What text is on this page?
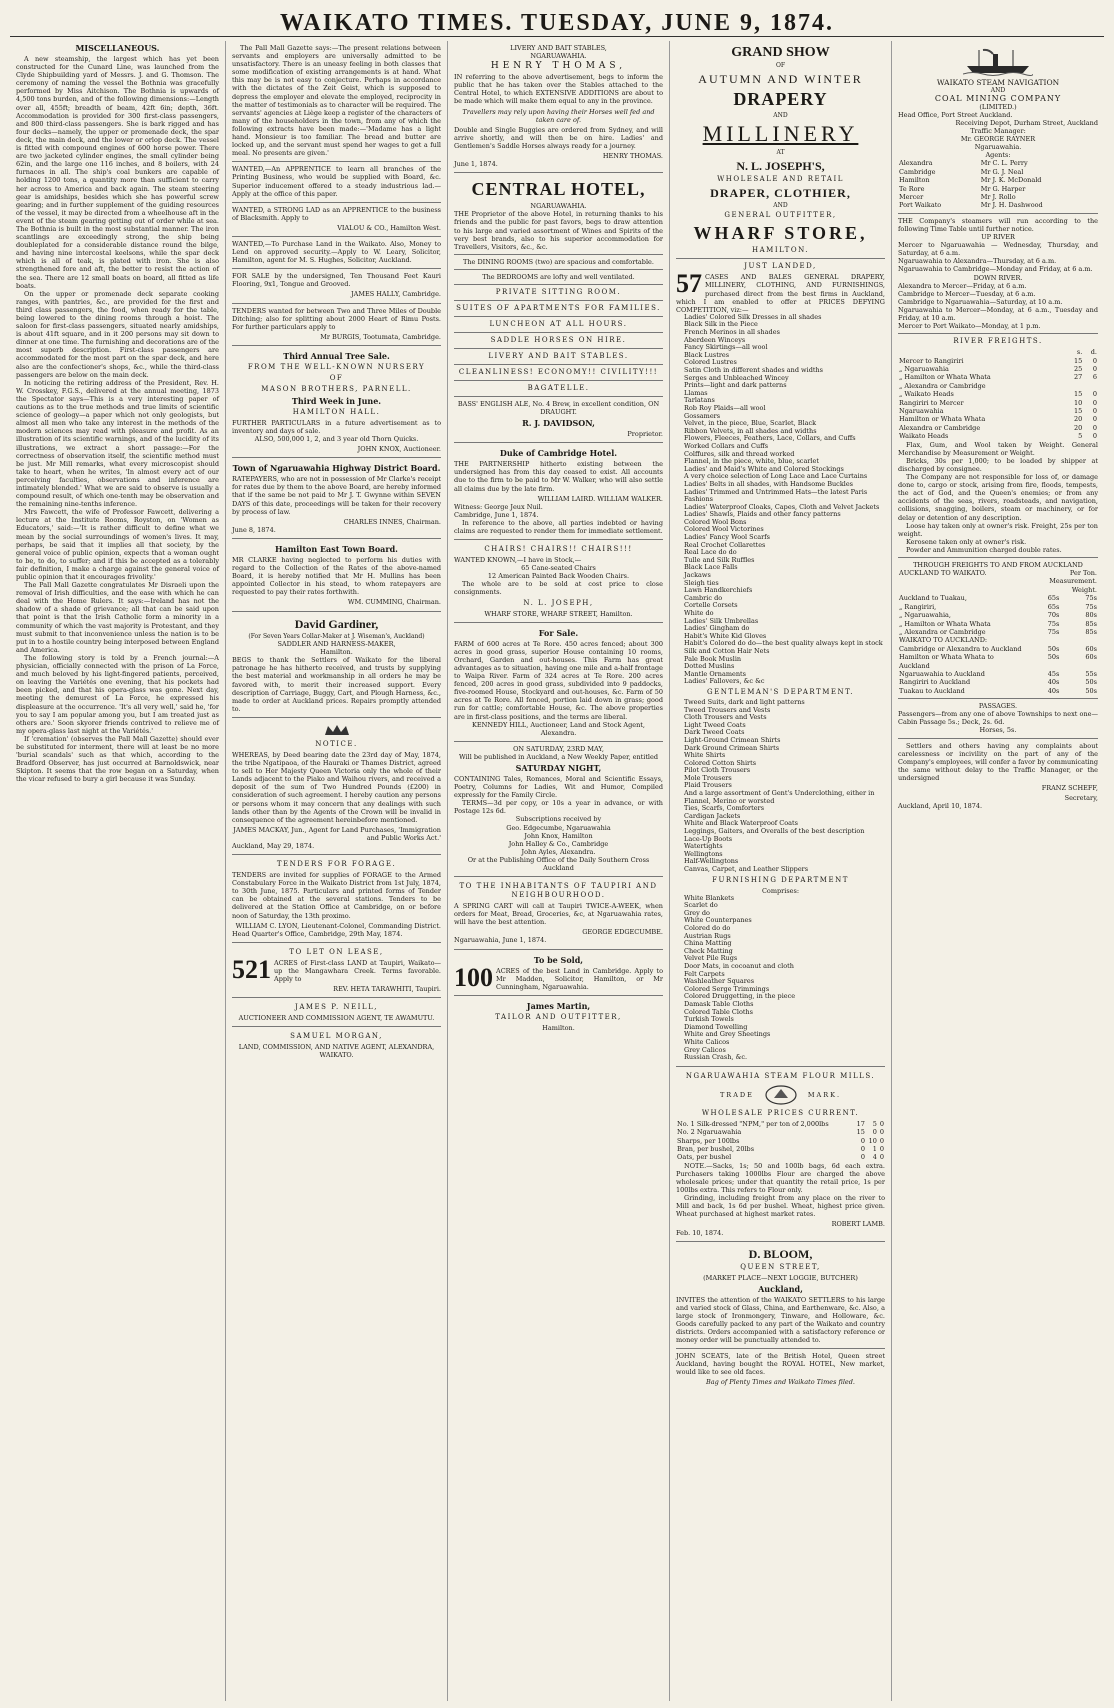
WAIKATO TIMES. TUESDAY, JUNE 9, 1874.
MISCELLANEOUS.

A new steamship, the largest which has yet been constructed for the Cunard Line, was launched from the Clyde Shipbuilding yard of Messrs. J. and G. Thomson. The ceremony of naming the vessel the Bothnia was gracefully performed by Miss Aitchison. The Bothnia is upwards of 4,500 tons burden, and of the following dimensions:—Length over all, 455ft; breadth of beam, 42ft 6in; depth, 36ft. Accommodation is provided for 300 first-class passengers, and 800 third-class passengers. She is bark rigged and has four decks—namely, the upper or promenade deck, the spar deck, the main deck, and the lower or orlop deck. The vessel is fitted with compound engines of 600 horse power. There are two jacketed cylinder engines, the small cylinder being 62in, and the large one 116 inches, and 8 boilers, with 24 furnaces in all. The ship's coal bunkers are capable of holding 1200 tons, a quantity more than sufficient to carry her across to America and back again. The steam steering gear is amidships, besides which she has powerful screw gearing; and in further supplement of the guiding resources of the vessel, it may be directed from a wheelhouse aft in the event of the steam gearing getting out of order while at sea. The Bothnia is built in the most substantial manner. The iron scantlings are exceedingly strong, the ship being doubleplated for a considerable distance round the bilge, and having nine intercostal keelsons, while the spar deck which is all of teak, is plated with iron. She is also strengthened fore and aft, the better to resist the action of the sea. There are 12 small boats on board, all fitted as life boats.

On the upper or promenade deck separate cooking ranges, with pantries, &c., are provided for the first and third class passengers, the food, when ready for the table, being lowered to the dining rooms through a hoist. The saloon for first-class passengers, situated nearly amidships, is about 41ft square, and in it 200 persons may sit down to dinner at one time. The furnishing and decorations are of the most superb description. First-class passengers are accommodated for the most part on the spar deck, and here also are the confectioner's shops, &c., while the third-class passengers are below on the main deck.

In noticing the retiring address of the President, Rev. H. W. Crosskey, F.G.S., delivered at the annual meeting, 1873 the Spectator says—This is a very interesting paper of cautions as to the true methods and true limits of scientific science of geology—a paper which not only geologists, but almost all men who take any interest in the methods of the modern sciences may read with pleasure and profit. As an illustration of its scientific warnings, and of the lucidity of its illustrations, we extract a short passage:—For the correctness of observation itself, the scientific method must be just. Mr Mill remarks, what every microscopist should take to heart, when he writes, 'In almost every act of our perceiving faculties, observations and inference are intimately blended.' What we are said to observe is usually a compound result, of which one-tenth may be observation and the remaining nine-tenths inference.

Mrs Fawcett, the wife of Professor Fawcett, delivering a lecture at the Institute Rooms, Royston, on 'Women as Educators,' said:—'It is rather difficult to define what we mean by the social surroundings of women's lives. It may, perhaps, be said that it implies all that society, by the general voice of public opinion, expects that a woman ought to be, to do, to suffer; and if this be accepted as a tolerably fair definition, I make a charge against the general voice of public opinion that it encourages frivolity.'

The Pall Mall Gazette congratulates Mr Disraeli upon the removal of Irish difficulties, and the ease with which he can deal with the Home Rulers. It says:—Ireland has not the shadow of a shade of grievance; all that can be said upon that point is that the Irish Catholic form a minority in a community of which the vast majority is Protestant, and they must submit to that inconvenience unless the nation is to be put in to a hostile country being interposed between England and America.

The following story is told by a French journal:—A physician, officially connected with the prison of La Force, and much beloved by his light-fingered patients, perceived, on leaving the Variétés one evening, that his pockets had been picked, and that his opera-glass was gone. Next day, meeting the demurest of La Force, he expressed his displeasure at the occurrence. 'It's all very well,' said he, 'for you to say I am popular among you, but I am treated just as others are.' Soon skyorer friends contrived to relieve me of my opera-glass last night at the Variétés.'

If 'cremation' (observes the Pall Mall Gazette) should ever be substituted for interment, there will at least be no more 'burial scandals' such as that which, according to the Bradford Observer, has just occurred at Barnoldswick, near Skipton. It seems that the row began on a Saturday, when the vicar refused to bury a girl because it was Sunday.

The Pall Mall Gazette says:—The present relations between servants and employers are universally admitted to be unsatisfactory. There is an uneasy feeling in both classes that some modification of existing arrangements is at hand. What this may be is not easy to conjecture. Perhaps in accordance with the dictates of the Zeit Geist, which is supposed to depress the employer and elevate the employed, reciprocity in the matter of testimonials as to character will be required. The servants' agencies at Liège keep a register of the characters of many of the householders in the town, from any of which the following extracts have been made:—'Madame has a light hand. Monsieur is too familiar. The bread and butter are locked up, and the servant must spend her wages to get a full meal. No presents are given.'

WANTED,—An APPRENTICE to learn all branches of the Printing Business, who would be supplied with Board, &c. Superior inducement offered to a steady industrious lad.—Apply at the office of this paper.

WANTED, a STRONG LAD as an APPRENTICE to the business of Blacksmith. Apply to

VIALOU & CO., Hamilton West.

WANTED,—To Purchase Land in the Waikato. Also, Money to Lend on approved security.—Apply to W. Leary, Solicitor, Hamilton, agent for M. S. Hughes, Solicitor, Auckland.

FOR SALE by the undersigned, Ten Thousand Feet Kauri Flooring, 9x1, Tongue and Grooved.

JAMES HALLY, Cambridge.

TENDERS wanted for between Two and Three Miles of Double Ditching; also for splitting about 2000 Heart of Rimu Posts. For further particulars apply to

Mr BURGIS, Tootumata, Cambridge.
Third Annual Tree Sale.
FROM THE WELL-KNOWN NURSERY
OF
MASON BROTHERS, PARNELL.
Third Week in June.
HAMILTON HALL.

FURTHER PARTICULARS in a future advertisement as to inventory and days of sale.

ALSO, 500,000 1, 2, and 3 year old Thorn Quicks.
JOHN KNOX, Auctioneer.
Town of Ngaruawahia Highway District Board.

RATEPAYERS, who are not in possession of Mr Clarke's receipt for rates due by them to the above Board, are hereby informed that if the same be not paid to Mr J. T. Gwynne within SEVEN DAYS of this date, proceedings will be taken for their recovery by process of law.

CHARLES INNES, Chairman.
June 8, 1874.
Hamilton East Town Board.

MR CLARKE having neglected to perform his duties with regard to the Collection of the Rates of the above-named Board, it is hereby notified that Mr H. Mullins has been appointed Collector in his stead, to whom ratepayers are requested to pay their rates forthwith.

WM. CUMMING, Chairman.
David Gardiner,
(For Seven Years Collar-Maker at J. Wiseman's, Auckland)
SADDLER AND HARNESS-MAKER,
Hamilton.

BEGS to thank the Settlers of Waikato for the liberal patronage he has hitherto received, and trusts by supplying the best material and workmanship in all orders he may be favored with, to merit their increased support. Every description of Carriage, Buggy, Cart, and Plough Harness, &c., made to order at Auckland prices. Repairs promptly attended to.

NOTICE.

WHEREAS, by Deed bearing date the 23rd day of May, 1874, the tribe Ngatipaoa, of the Hauraki or Thames District, agreed to sell to Her Majesty Queen Victoria only the whole of their Lands adjacent to the Piako and Waihou rivers, and received a deposit of the sum of Two Hundred Pounds (£200) in consideration of such agreement. I hereby caution any persons or persons whom it may concern that any dealings with such lands other than by the Agents of the Crown will be invalid in consequence of the agreement hereinbefore mentioned.

JAMES MACKAY, Jun., Agent for Land Purchases, 'Immigration and Public Works Act.'
Auckland, May 29, 1874.
TENDERS FOR FORAGE.

TENDERS are invited for supplies of FORAGE to the Armed Constabulary Force in the Waikato District from 1st July, 1874, to 30th June, 1875. Particulars and printed forms of Tender can be obtained at the several stations. Tenders to be delivered at the Station Office at Cambridge, on or before noon of Saturday, the 13th proximo.

WILLIAM C. LYON, Lieutenant-Colonel, Commanding District.
Head Quarter's Office, Cambridge, 29th May, 1874.
TO LET ON LEASE,
521 ACRES of First-class LAND at Taupiri, Waikato—up the Mangawhara Creek. Terms favorable. Apply to

REV. HETA TARAWHITI, Taupiri.
JAMES P. NEILL,
AUCTIONEER AND COMMISSION AGENT, TE AWAMUTU.
SAMUEL MORGAN,
LAND, COMMISSION, AND NATIVE AGENT, ALEXANDRA, WAIKATO.
LIVERY AND BAIT STABLES,
NGARUAWAHIA.
HENRY THOMAS,

IN referring to the above advertisement, begs to inform the public that he has taken over the Stables attached to the Central Hotel, to which EXTENSIVE ADDITIONS are about to be made which will make them equal to any in the province.

Travellers may rely upon having their Horses well fed and taken care of.

Double and Single Buggies are ordered from Sydney, and will arrive shortly, and will then be on hire. Ladies' and Gentlemen's Saddle Horses always ready for a journey.

HENRY THOMAS.
June 1, 1874.
CENTRAL HOTEL,
NGARUAWAHIA.

THE Proprietor of the above Hotel, in returning thanks to his friends and the public for past favors, begs to draw attention to his large and varied assortment of Wines and Spirits of the very best brands, also to his superior accommodation for Travellers, Visitors, &c., &c.

The DINING ROOMS (two) are spacious and comfortable.
The BEDROOMS are lofty and well ventilated.
PRIVATE SITTING ROOM.
SUITES OF APARTMENTS FOR FAMILIES.
LUNCHEON AT ALL HOURS.
SADDLE HORSES ON HIRE.
LIVERY AND BAIT STABLES.
CLEANLINESS! ECONOMY!! CIVILITY!!!
BAGATELLE.
BASS' ENGLISH ALE, No. 4 Brew, in excellent condition, ON DRAUGHT.
R. J. DAVIDSON,
Proprietor.
Duke of Cambridge Hotel.

THE PARTNERSHIP hitherto existing between the undersigned has from this day ceased to exist. All accounts due to the firm to be paid to Mr W. Walker, who will also settle all claims due by the late firm.

WILLIAM LAIRD. WILLIAM WALKER.
Witness: George Jeux Nuil.
Cambridge, June 1, 1874.

In reference to the above, all parties indebted or having claims are requested to render them for immediate settlement.

CHAIRS! CHAIRS!! CHAIRS!!!

WANTED KNOWN,—I have in Stock,—

65 Cane-seated Chairs
12 American Painted Back Wooden Chairs.

The whole are to be sold at cost price to close consignments.

N. L. JOSEPH,
WHARF STORE, WHARF STREET, Hamilton.
For Sale.

FARM of 600 acres at Te Rore. 450 acres fenced; about 300 acres in good grass, superior House containing 10 rooms, Orchard, Garden and out-houses. This Farm has great advantages as to situation, having one mile and a-half frontage to Waipa River. Farm of 324 acres at Te Rore. 200 acres fenced, 200 acres in good grass, subdivided into 9 paddocks, five-roomed House, Stockyard and out-houses, &c. Farm of 50 acres at Te Rore. All fenced, portion laid down in grass; good run for cattle; comfortable House, &c. The above properties are in first-class positions, and the terms are liberal.

KENNEDY HILL, Auctioneer, Land and Stock Agent, Alexandra.
ON SATURDAY, 23RD MAY,
Will be published in Auckland, a New Weekly Paper, entitled
SATURDAY NIGHT,

CONTAINING Tales, Romances, Moral and Scientific Essays, Poetry, Columns for Ladies, Wit and Humor, Compiled expressly for the Family Circle.

TERMS—3d per copy, or 10s a year in advance, or with Postage 12s 6d.

Subscriptions received by
Geo. Edgecumbe, Ngaruawahia
John Knox, Hamilton
John Halley & Co., Cambridge
John Ayles, Alexandra.
Or at the Publishing Office of the Daily Southern Cross Auckland
TO THE INHABITANTS OF TAUPIRI AND NEIGHBOURHOOD.

A SPRING CART will call at Taupiri TWICE-A-WEEK, when orders for Meat, Bread, Groceries, &c, at Ngaruawahia rates, will have the best attention.

GEORGE EDGECUMBE.
Ngaruawahia, June 1, 1874.
To be Sold,
100 ACRES of the best Land in Cambridge. Apply to Mr Madden, Solicitor, Hamilton, or Mr Cunningham, Ngaruawahia.

James Martin,
TAILOR AND OUTFITTER,
Hamilton.
GRAND SHOW
OF
AUTUMN AND WINTER
DRAPERY
AND
MILLINERY
AT
N. L. JOSEPH'S,
WHOLESALE AND RETAIL
DRAPER, CLOTHIER,
AND
GENERAL OUTFITTER,
WHARF STORE,
HAMILTON.
JUST LANDED,
57 CASES AND BALES GENERAL DRAPERY, MILLINERY, CLOTHING, AND FURNISHINGS, purchased direct from the best firms in Auckland, which I am enabled to offer at PRICES DEFYING COMPETITION, viz:—

Ladies' Colored Silk Dresses in all shades
Black Silk in the Piece
French Merinos in all shades
Aberdeen Winceys
Fancy Skirtings—all wool
Black Lustres
Colored Lustres
Satin Cloth in different shades and widths
Serges and Unbleached Wincey
Prints—light and dark patterns
Llamas
Tarlatans
Rob Roy Plaids—all wool
Gossamers
Velvet, in the piece, Blue, Scarlet, Black
Ribbon Velvets, in all shades and widths
Flowers, Fleeces, Feathers, Lace, Collars, and Cuffs
Worked Collars and Cuffs
Colffures, silk and thread worked
Flannel, in the piece, white, blue, scarlet
Ladies' and Maid's White and Colored Stockings
A very choice selection of Long Lace and Lace Curtains
Ladies' Belts in all shades, with Handsome Buckles
Ladies' Trimmed and Untrimmed Hats—the latest Paris Fashions
Ladies' Waterproof Cloaks, Capes, Cloth and Velvet Jackets
Ladies' Shawls, Plaids and other fancy patterns
Colored Wool Bons
Colored Wool Victorines
Ladies' Fancy Wool Scarfs
Real Crochet Collarettes
Real Lace do do
Tulle and Silk Ruffles
Black Lace Falls
Jackaws
Sleigh ties
Lawn Handkerchiefs
Cambric do
Cortelle Corsets
White do
Ladies' Silk Umbrellas
Ladies' Gingham do
Habit's White Kid Gloves
Habit's Colored do do—the best quality always kept in stock
Silk and Cotton Hair Nets
Pale Book Muslin
Dotted Muslins
Mantle Ornaments
Ladies' Fallovers, &c &c
GENTLEMAN'S DEPARTMENT.
Tweed Suits, dark and light patterns
Tweed Trousers and Vests
Cloth Trousers and Vests
Light Tweed Coats
Dark Tweed Coats
Light-Ground Crimean Shirts
Dark Ground Crimean Shirts
White Shirts
Colored Cotton Shirts
Pilot Cloth Trousers
Mole Trousers
Plaid Trousers
And a large assortment of Gent's Underclothing, either in Flannel, Merino or worsted
Ties, Scarfs, Comforters
Cardigan Jackets
White and Black Waterproof Coats
Leggings, Gaiters, and Overalls of the best description
Lace-Up Boots
Watertights
Wellingtons
Half-Wellingtons
Canvas, Carpet, and Leather Slippers
FURNISHING DEPARTMENT
Comprises:
White Blankets
Scarlet do
Grey do
White Counterpanes
Colored do do
Austrian Rugs
China Matting
Check Matting
Velvet Pile Rugs
Door Mats, in cocoanut and cloth
Felt Carpets
Washleather Squares
Colored Serge Trimmings
Colored Druggetting, in the piece
Damask Table Cloths
Colored Table Cloths
Turkish Towels
Diamond Towelling
White and Grey Sheetings
White Calicos
Grey Calicos
Russian Crash, &c.
NGARUAWAHIA STEAM FLOUR MILLS.
TRADE	MARK.
WHOLESALE PRICES CURRENT.
No. 1 Silk-dressed "NPM," per ton of 2,000lbs	17	5	0
No. 2 Ngaruawahia	15	0	0
Sharps, per 100lbs	0	10	0
Bran, per bushel, 20lbs	0	1	0
Oats, per bushel	0	4	0

NOTE.—Sacks, 1s; 50 and 100lb bags, 6d each extra. Purchasers taking 1000lbs Flour are charged the above wholesale prices; under that quantity the retail price, 1s per 100lbs extra. This refers to Flour only.

Grinding, including freight from any place on the river to Mill and back, 1s 6d per bushel. Wheat, highest price given. Wheat purchased at highest market rates.

ROBERT LAMB.
Feb. 10, 1874.
D. BLOOM,
QUEEN STREET,
(MARKET PLACE—NEXT LOGGIE, BUTCHER)
Auckland,

INVITES the attention of the WAIKATO SETTLERS to his large and varied stock of Glass, China, and Earthenware, &c. Also, a large stock of Ironmongery, Tinware, and Holloware, &c. Goods carefully packed to any part of the Waikato and country districts. Orders accompanied with a satisfactory reference or money order will be punctually attended to.

JOHN SCEATS, late of the British Hotel, Queen street Auckland, having bought the ROYAL HOTEL, New market, would like to see old faces.

Bag of Plenty Times and Waikato Times filed.

WAIKATO STEAM NAVIGATION
AND
COAL MINING COMPANY
(LIMITED.)
Head Office, Port Street Auckland.
Receiving Depot, Durham Street, Auckland
Traffic Manager:
Mr. GEORGE RAYNER
Ngaruawahia.
Agents:
Alexandra	Mr C. L. Perry
Cambridge	Mr G. J. Neal
Hamilton	Mr J. K. McDonald
Te Rore	Mr G. Harper
Mercer	Mr J. Rollo
Port Waikato	Mr J. H. Dashwood

THE Company's steamers will run according to the following Time Table until further notice.

UP RIVER

Mercer to Ngaruawahia — Wednesday, Thursday, and Saturday, at 6 a.m.

Ngaruawahia to Alexandra—Thursday, at 6 a.m.

Ngaruawahia to Cambridge—Monday and Friday, at 6 a.m.

DOWN RIVER.

Alexandra to Mercer—Friday, at 6 a.m.

Cambridge to Mercer—Tuesday, at 6 a.m.

Cambridge to Ngaruawahia—Saturday, at 10 a.m.

Ngaruawahia to Mercer—Monday, at 6 a.m., Tuesday and Friday, at 10 a.m.

Mercer to Port Waikato—Monday, at 1 p.m.

RIVER FREIGHTS.
	s.	d.
Mercer to Rangiriri	15	0
„ Ngaruawahia	25	0
„ Hamilton or Whata Whata	27	6
„ Alexandra or Cambridge		
„ Waikato Heads	15	0
Rangiriri to Mercer	10	0
Ngaruawahia	15	0
Hamilton or Whata Whata	20	0
Alexandra or Cambridge	20	0
Waikato Heads	5	0

Flax, Gum, and Wool taken by Weight. General Merchandise by Measurement or Weight.

Bricks, 30s per 1,000; to be loaded by shipper at discharged by consignee.

The Company are not responsible for loss of, or damage done to, cargo or stock, arising from fire, floods, tempests, the act of God, and the Queen's enemies; or from any accidents of the seas, rivers, roadsteads, and navigation, collisions, snagging, boilers, steam or machinery, or for delay or detention of any description.

Loose hay taken only at owner's risk. Freight, 25s per ton weight.

Kerosene taken only at owner's risk.

Powder and Ammunition charged double rates.

THROUGH FREIGHTS TO AND FROM AUCKLAND
AUCKLAND TO WAIKATO.	Per Ton.	
	Measurement. Weight.	
Auckland to Tuakau,	65s	75s
„ Rangiriri,	65s	75s
„ Ngaruawahia,	70s	80s
„ Hamilton or Whata Whata	75s	85s
„ Alexandra or Cambridge	75s	85s
WAIKATO TO AUCKLAND:		
Cambridge or Alexandra to Auckland	50s	60s
Hamilton or Whata Whata to Auckland	50s	60s
Ngaruawahia to Auckland	45s	55s
Rangiriri to Auckland	40s	50s
Tuakau to Auckland	40s	50s
PASSAGES.

Passengers—from any one of above Townships to next one—Cabin Passage 5s.; Deck, 2s. 6d.

Horses, 5s.

Settlers and others having any complaints about carelessness or incivility on the part of any of the Company's employees, will confer a favor by communicating the same without delay to the Traffic Manager, or the undersigned

FRANZ SCHEFF,
Secretary,
Auckland, April 10, 1874.
